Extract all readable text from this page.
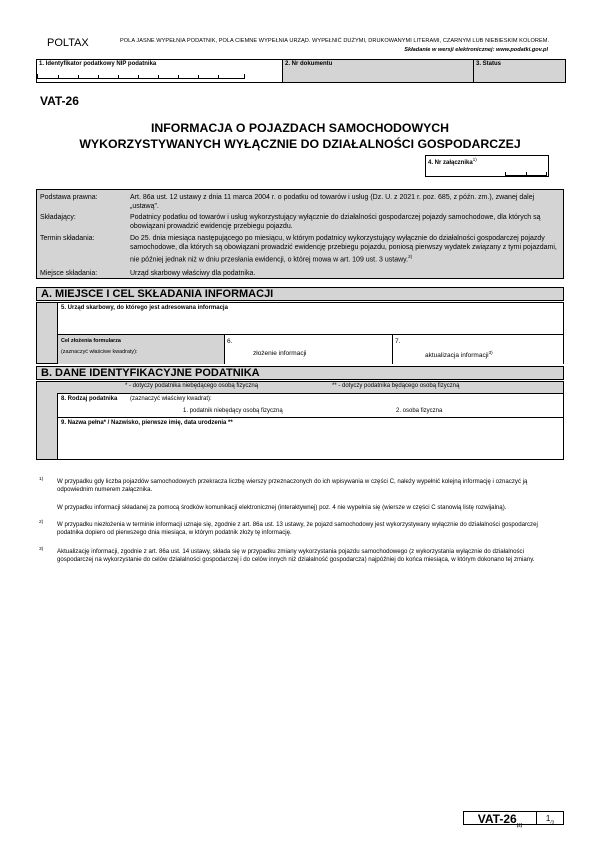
POLTAX	POLA JASNE WYPEŁNIA PODATNIK, POLA CIEMNE WYPEŁNIA URZĄD. WYPEŁNIĆ DUŻYMI, DRUKOWANYMI LITERAMI, CZARNYM LUB NIEBIESKIM KOLOREM.
Składanie w wersji elektronicznej: www.podatki.gov.pl
1. Identyfikator podatkowy NIP podatnika	2. Nr dokumentu	3. Status
VAT-26
INFORMACJA O POJAZDACH SAMOCHODOWYCH
WYKORZYSTYWANYCH WYŁĄCZNIE DO DZIAŁALNOŚCI GOSPODARCZEJ
4. Nr załącznika$^{1)}$
Podstawa prawna:	Art. 86a ust. 12 ustawy z dnia 11 marca 2004 r. o podatku od towarów i usług (Dz. U. z 2021 r. poz. 685, z późn. zm.), zwanej dalej „ustawą”.
Składający:	Podatnicy podatku od towarów i usług wykorzystujący wyłącznie do działalności gospodarczej pojazdy samochodowe, dla których są obowiązani prowadzić ewidencję przebiegu pojazdu.
Termin składania:	Do 25. dnia miesiąca następującego po miesiącu, w którym podatnicy wykorzystujący wyłącznie do działalności gospodarczej pojazdy samochodowe, dla których są obowiązani prowadzić ewidencję przebiegu pojazdu, poniosą pierwszy wydatek związany z tymi pojazdami, nie później jednak niż w dniu przesłania ewidencji, o której mowa w art. 109 ust. 3 ustawy.$^{2)}$
Miejsce składania:	Urząd skarbowy właściwy dla podatnika.
A. MIEJSCE I CEL SKŁADANIA INFORMACJI
5. Urząd skarbowy, do którego jest adresowana informacja
Cel złożenia formularza
(zaznaczyć właściwe kwadraty):
6.
złożenie informacji
7.
aktualizacja informacji$^{3)}$
B. DANE IDENTYFIKACYJNE PODATNIKA
* - dotyczy podatnika niebędącego osobą fizyczną	** - dotyczy podatnika będącego osobą fizyczną
8. Rodzaj podatnika (zaznaczyć właściwy kwadrat):
1. podatnik niebędący osobą fizyczną	2. osoba fizyczna
9. Nazwa pełna* / Nazwisko, pierwsze imię, data urodzenia **
1) W przypadku gdy liczba pojazdów samochodowych przekracza liczbę wierszy przeznaczonych do ich wpisywania w części C, należy wypełnić kolejną informację i oznaczyć ją odpowiednim numerem załącznika.
W przypadku informacji składanej za pomocą środków komunikacji elektronicznej (interaktywnej) poz. 4 nie wypełnia się (wiersze w części C stanowią listę rozwijalną).
2) W przypadku niezłożenia w terminie informacji uznaje się, zgodnie z art. 86a ust. 13 ustawy, że pojazd samochodowy jest wykorzystywany wyłącznie do działalności gospodarczej podatnika dopiero od pierwszego dnia miesiąca, w którym podatnik złoży tę informację.
3) Aktualizację informacji, zgodnie z art. 86a ust. 14 ustawy, składa się w przypadku zmiany wykorzystania pojazdu samochodowego (z wykorzystania wyłącznie do działalności gospodarczej na wykorzystanie do celów działalności gospodarczej i do celów innych niż działalność gospodarcza) najpóźniej do końca miesiąca, w którym dokonano tej zmiany.
VAT-$26_{(2)}$
$1_{/3}$
